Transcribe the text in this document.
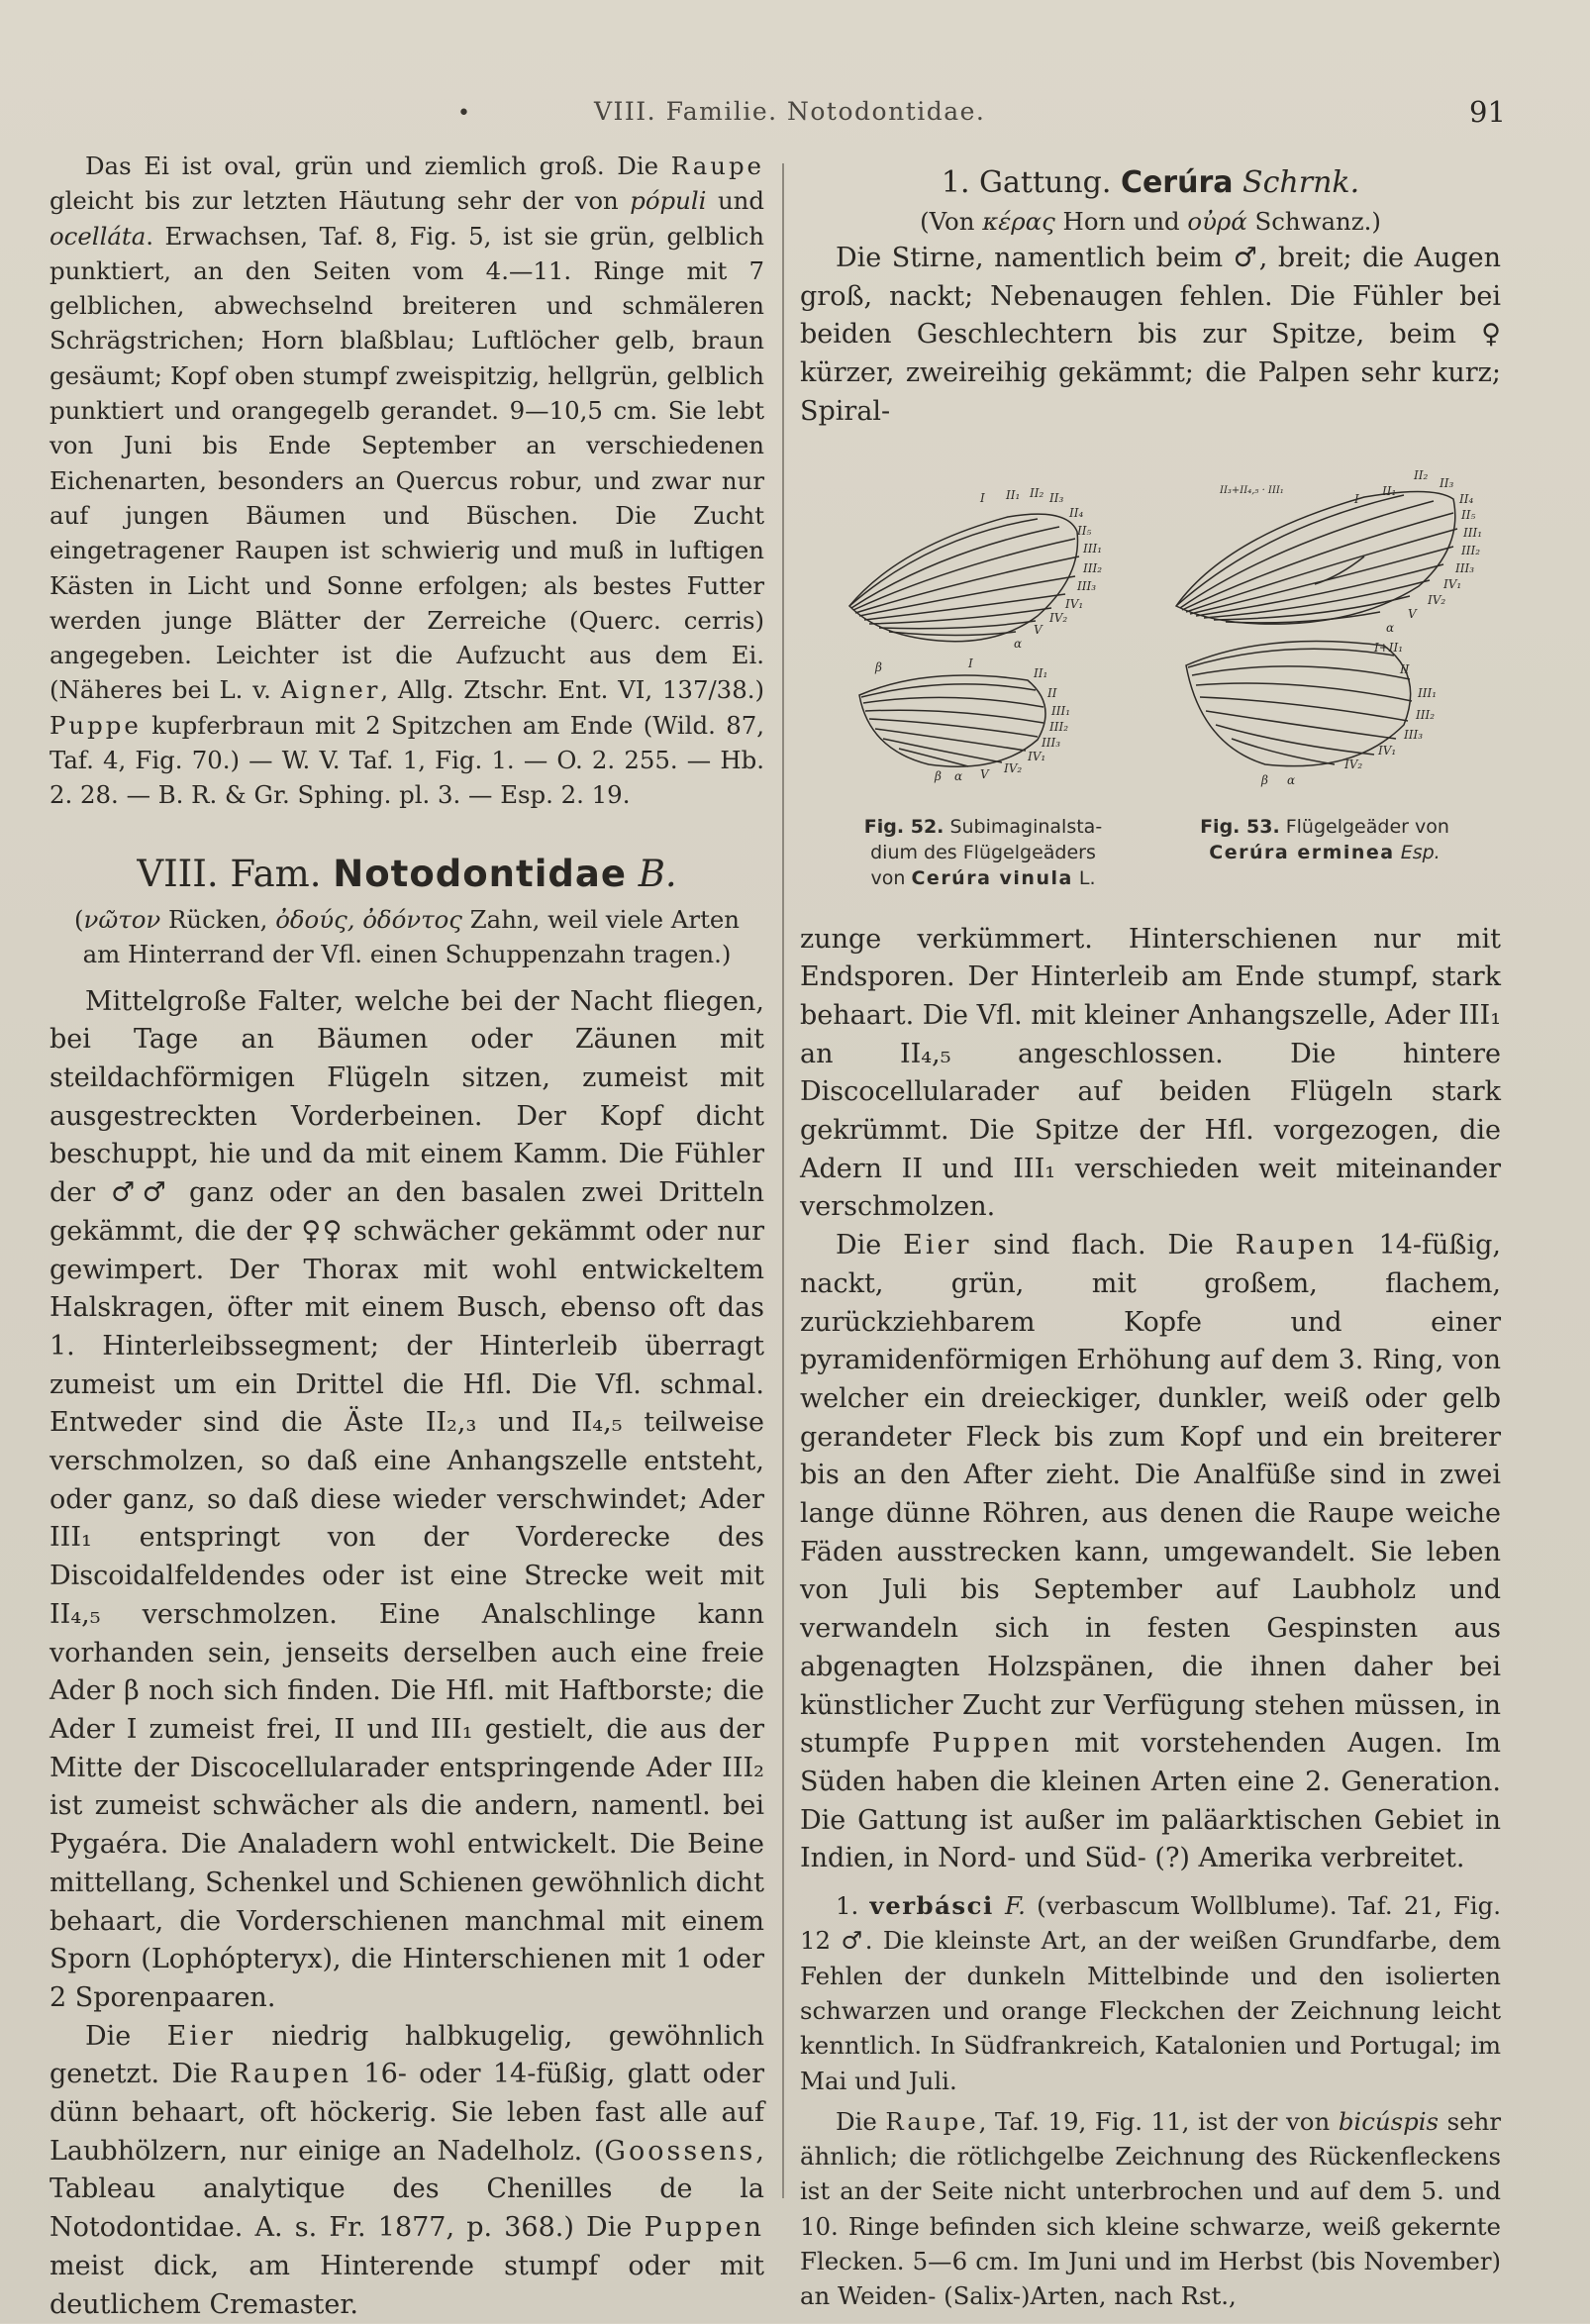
•	VIII. Familie. Notodontidae.	91

Das Ei ist oval, grün und ziemlich groß. Die Raupe gleicht bis zur letzten Häutung sehr der von pópuli und ocelláta. Erwachsen, Taf. 8, Fig. 5, ist sie grün, gelblich punktiert, an den Seiten vom 4.—11. Ringe mit 7 gelblichen, abwechselnd breiteren und schmäleren Schrägstrichen; Horn blaßblau; Luftlöcher gelb, braun gesäumt; Kopf oben stumpf zweispitzig, hellgrün, gelblich punktiert und orangegelb gerandet. 9—10,5 cm. Sie lebt von Juni bis Ende September an verschiedenen Eichenarten, besonders an Quercus robur, und zwar nur auf jungen Bäumen und Büschen. Die Zucht eingetragener Raupen ist schwierig und muß in luftigen Kästen in Licht und Sonne erfolgen; als bestes Futter werden junge Blätter der Zerreiche (Querc. cerris) angegeben. Leichter ist die Aufzucht aus dem Ei. (Näheres bei L. v. Aigner, Allg. Ztschr. Ent. VI, 137/38.) Puppe kupferbraun mit 2 Spitzchen am Ende (Wild. 87, Taf. 4, Fig. 70.) — W. V. Taf. 1, Fig. 1. — O. 2. 255. — Hb. 2. 28. — B. R. & Gr. Sphing. pl. 3. — Esp. 2. 19.

VIII. Fam. Notodontidae B.

(νῶτον Rücken, ὀδούς, ὀδόντος Zahn, weil viele Arten am Hinterrand der Vfl. einen Schuppenzahn tragen.)

Mittelgroße Falter, welche bei der Nacht fliegen, bei Tage an Bäumen oder Zäunen mit steildachförmigen Flügeln sitzen, zumeist mit ausgestreckten Vorderbeinen. Der Kopf dicht beschuppt, hie und da mit einem Kamm. Die Fühler der ♂♂ ganz oder an den basalen zwei Dritteln gekämmt, die der ♀♀ schwächer gekämmt oder nur gewimpert. Der Thorax mit wohl entwickeltem Halskragen, öfter mit einem Busch, ebenso oft das 1. Hinterleibssegment; der Hinterleib überragt zumeist um ein Drittel die Hfl. Die Vfl. schmal. Entweder sind die Äste II₂,₃ und II₄,₅ teilweise verschmolzen, so daß eine Anhangszelle entsteht, oder ganz, so daß diese wieder verschwindet; Ader III₁ entspringt von der Vorderecke des Discoidalfeldendes oder ist eine Strecke weit mit II₄,₅ verschmolzen. Eine Analschlinge kann vorhanden sein, jenseits derselben auch eine freie Ader β noch sich finden. Die Hfl. mit Haftborste; die Ader I zumeist frei, II und III₁ gestielt, die aus der Mitte der Discocellularader entspringende Ader III₂ ist zumeist schwächer als die andern, namentl. bei Pygaéra. Die Analadern wohl entwickelt. Die Beine mittellang, Schenkel und Schienen gewöhnlich dicht behaart, die Vorderschienen manchmal mit einem Sporn (Lophópteryx), die Hinterschienen mit 1 oder 2 Sporenpaaren.

Die Eier niedrig halbkugelig, gewöhnlich genetzt. Die Raupen 16- oder 14-füßig, glatt oder dünn behaart, oft höckerig. Sie leben fast alle auf Laubhölzern, nur einige an Nadelholz. (Goossens, Tableau analytique des Chenilles de la Notodontidae. A. s. Fr. 1877, p. 368.) Die Puppen meist dick, am Hinterende stumpf oder mit deutlichem Cremaster.

1. Gattung. Cerúra Schrnk.

(Von κέρας Horn und οὐρά Schwanz.)

Die Stirne, namentlich beim ♂, breit; die Augen groß, nackt; Nebenaugen fehlen. Die Fühler bei beiden Geschlechtern bis zur Spitze, beim ♀ kürzer, zweireihig gekämmt; die Palpen sehr kurz; Spiral-

I II₁ II₂ II₃
II₄
II₅
III₁
III₂
III₃
IV₁
IV₂
V
α
β	I
II₁
II
III₁
III₂
III₃
IV₁
IV₂
β α V
II₂
II₃
II₁
I	II₄
II₅
III₁
III₂
III₃
IV₁
IV₂
V
α
I+II₁
II
III₁
III₂
III₃
IV₁
IV₂
β α
II₃+II₄,₅ · III₁
Fig. 52. Subimaginalsta-
dium des Flügelgeäders
von Cerúra vinula L.
Fig. 53. Flügelgeäder von
Cerúra erminea Esp.

zunge verkümmert. Hinterschienen nur mit Endsporen. Der Hinterleib am Ende stumpf, stark behaart. Die Vfl. mit kleiner Anhangszelle, Ader III₁ an II₄,₅ angeschlossen. Die hintere Discocellularader auf beiden Flügeln stark gekrümmt. Die Spitze der Hfl. vorgezogen, die Adern II und III₁ verschieden weit miteinander verschmolzen.

Die Eier sind flach. Die Raupen 14-füßig, nackt, grün, mit großem, flachem, zurückziehbarem Kopfe und einer pyramidenförmigen Erhöhung auf dem 3. Ring, von welcher ein dreieckiger, dunkler, weiß oder gelb gerandeter Fleck bis zum Kopf und ein breiterer bis an den After zieht. Die Analfüße sind in zwei lange dünne Röhren, aus denen die Raupe weiche Fäden ausstrecken kann, umgewandelt. Sie leben von Juli bis September auf Laubholz und verwandeln sich in festen Gespinsten aus abgenagten Holzspänen, die ihnen daher bei künstlicher Zucht zur Verfügung stehen müssen, in stumpfe Puppen mit vorstehenden Augen. Im Süden haben die kleinen Arten eine 2. Generation. Die Gattung ist außer im paläarktischen Gebiet in Indien, in Nord- und Süd- (?) Amerika verbreitet.

1. verbásci F. (verbascum Wollblume). Taf. 21, Fig. 12 ♂. Die kleinste Art, an der weißen Grundfarbe, dem Fehlen der dunkeln Mittelbinde und den isolierten schwarzen und orange Fleckchen der Zeichnung leicht kenntlich. In Südfrankreich, Katalonien und Portugal; im Mai und Juli.

Die Raupe, Taf. 19, Fig. 11, ist der von bicúspis sehr ähnlich; die rötlichgelbe Zeichnung des Rückenfleckens ist an der Seite nicht unterbrochen und auf dem 5. und 10. Ringe befinden sich kleine schwarze, weiß gekernte Flecken. 5—6 cm. Im Juni und im Herbst (bis November) an Weiden- (Salix-)Arten, nach Rst.,
